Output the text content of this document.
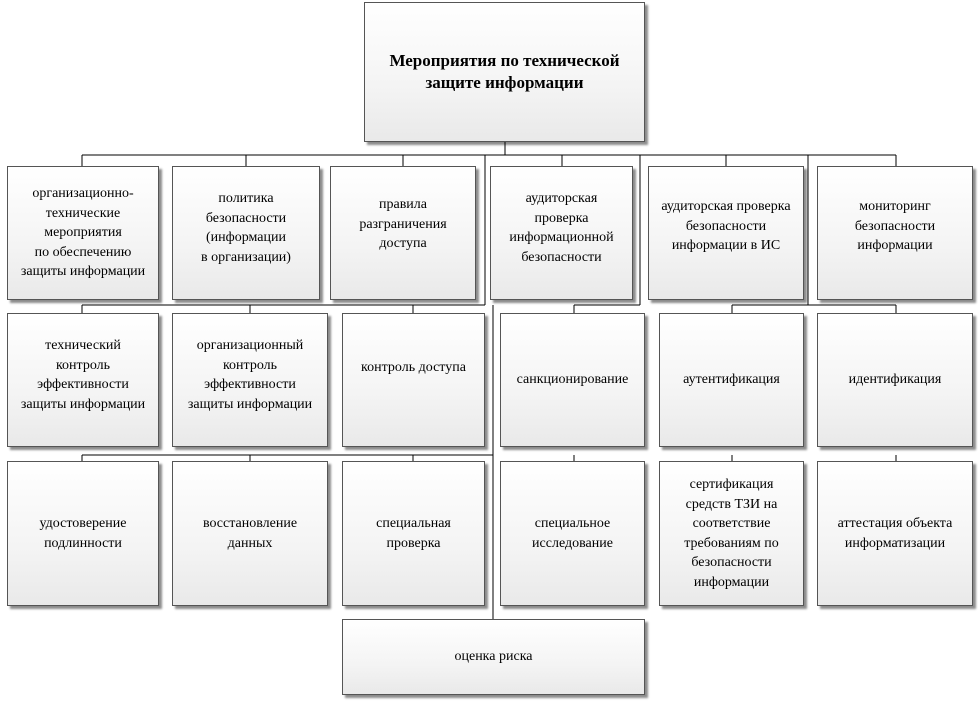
Мероприятия по технической
защите информации
организационно-
технические
мероприятия
по обеспечению
защиты информации
технический
контроль
эффективности
защиты информации
удостоверение
подлинности
политика
безопасности
(информации
в организации)
организационный
контроль
эффективности
защиты информации
восстановление
данных
правила
разграничения
доступа
контроль доступа
специальная
проверка
оценка риска
аудиторская
проверка
информационной
безопасности
санкционирование
специальное
исследование
аудиторская проверка
безопасности
информации в ИС
аутентификация
сертификация
средств ТЗИ на
соответствие
требованиям по
безопасности
информации
мониторинг
безопасности
информации
идентификация
аттестация объекта
информатизации
